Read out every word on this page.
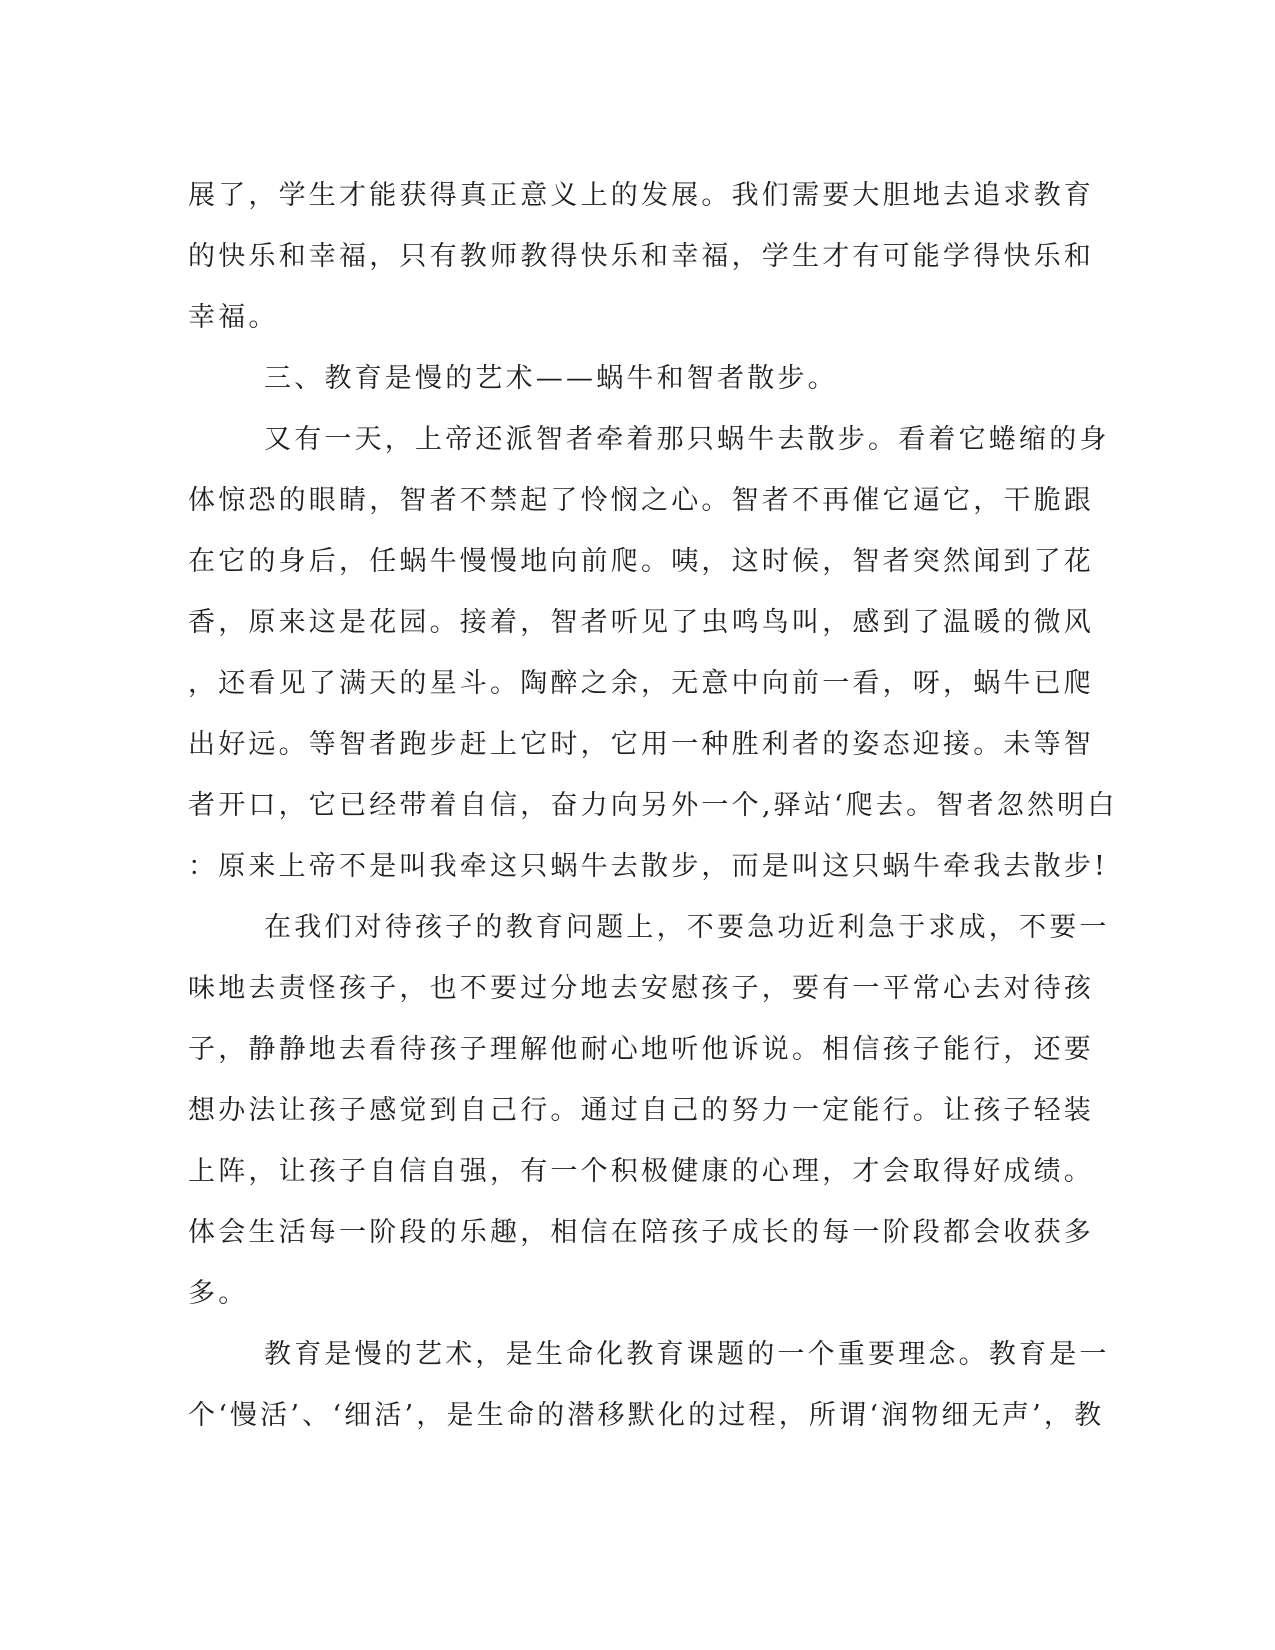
展了，学生才能获得真正意义上的发展。我们需要大胆地去追求教育
的快乐和幸福，只有教师教得快乐和幸福，学生才有可能学得快乐和
幸福。
三、教育是慢的艺术——蜗牛和智者散步。
又有一天，上帝还派智者牵着那只蜗牛去散步。看着它蜷缩的身
体惊恐的眼睛，智者不禁起了怜悯之心。智者不再催它逼它，干脆跟
在它的身后，任蜗牛慢慢地向前爬。咦，这时候，智者突然闻到了花
香，原来这是花园。接着，智者听见了虫鸣鸟叫，感到了温暖的微风
，还看见了满天的星斗。陶醉之余，无意中向前一看，呀，蜗牛已爬
出好远。等智者跑步赶上它时，它用一种胜利者的姿态迎接。未等智
者开口，它已经带着自信，奋力向另外一个‚驿站‘爬去。智者忽然明白
：原来上帝不是叫我牵这只蜗牛去散步，而是叫这只蜗牛牵我去散步!
在我们对待孩子的教育问题上，不要急功近利急于求成，不要一
味地去责怪孩子，也不要过分地去安慰孩子，要有一平常心去对待孩
子，静静地去看待孩子理解他耐心地听他诉说。相信孩子能行，还要
想办法让孩子感觉到自己行。通过自己的努力一定能行。让孩子轻装
上阵，让孩子自信自强，有一个积极健康的心理，才会取得好成绩。
体会生活每一阶段的乐趣，相信在陪孩子成长的每一阶段都会收获多
多。
教育是慢的艺术，是生命化教育课题的一个重要理念。教育是一
个‘慢活’、‘细活’，是生命的潜移默化的过程，所谓‘润物细无声’，教
